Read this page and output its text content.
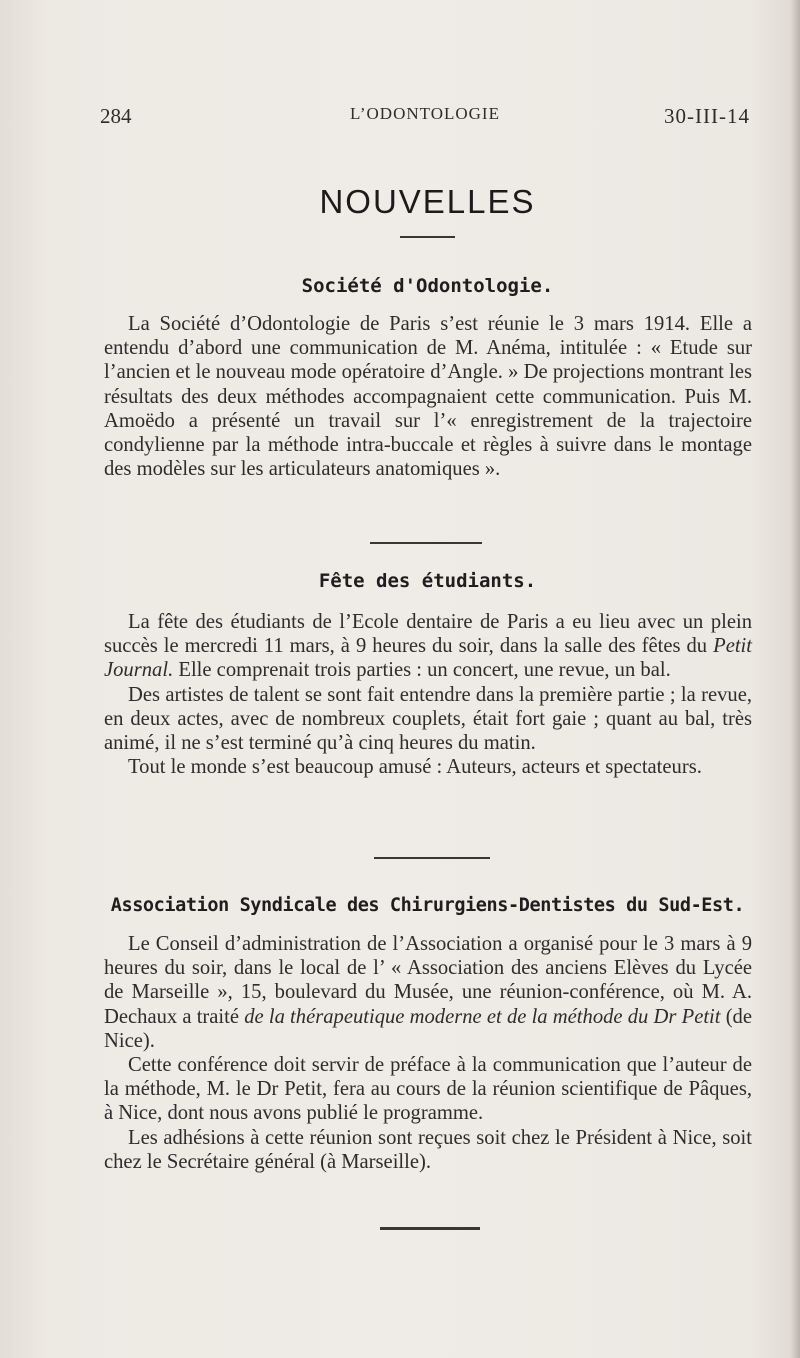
284	L’ODONTOLOGIE	30-III-14
NOUVELLES
Société d'Odontologie.

La Société d’Odontologie de Paris s’est réunie le 3 mars 1914. Elle a entendu d’abord une communication de M. Anéma, intitulée : « Etude sur l’ancien et le nouveau mode opératoire d’Angle. » De projections montrant les résultats des deux méthodes accompagnaient cette communication. Puis M. Amoëdo a présenté un travail sur l’« enregistrement de la trajectoire condylienne par la méthode intra-buccale et règles à suivre dans le montage des modèles sur les articulateurs anatomiques ».

Fête des étudiants.

La fête des étudiants de l’Ecole dentaire de Paris a eu lieu avec un plein succès le mercredi 11 mars, à 9 heures du soir, dans la salle des fêtes du Petit Journal. Elle comprenait trois parties : un concert, une revue, un bal.

Des artistes de talent se sont fait entendre dans la première partie ; la revue, en deux actes, avec de nombreux couplets, était fort gaie ; quant au bal, très animé, il ne s’est terminé qu’à cinq heures du matin.

Tout le monde s’est beaucoup amusé : Auteurs, acteurs et spectateurs.

Association Syndicale des Chirurgiens-Dentistes du Sud-Est.

Le Conseil d’administration de l’Association a organisé pour le 3 mars à 9 heures du soir, dans le local de l’ « Association des anciens Elèves du Lycée de Marseille », 15, boulevard du Musée, une réunion-conférence, où M. A. Dechaux a traité de la thérapeutique moderne et de la méthode du Dr Petit (de Nice).

Cette conférence doit servir de préface à la communication que l’auteur de la méthode, M. le Dr Petit, fera au cours de la réunion scientifique de Pâques, à Nice, dont nous avons publié le programme.

Les adhésions à cette réunion sont reçues soit chez le Président à Nice, soit chez le Secrétaire général (à Marseille).
